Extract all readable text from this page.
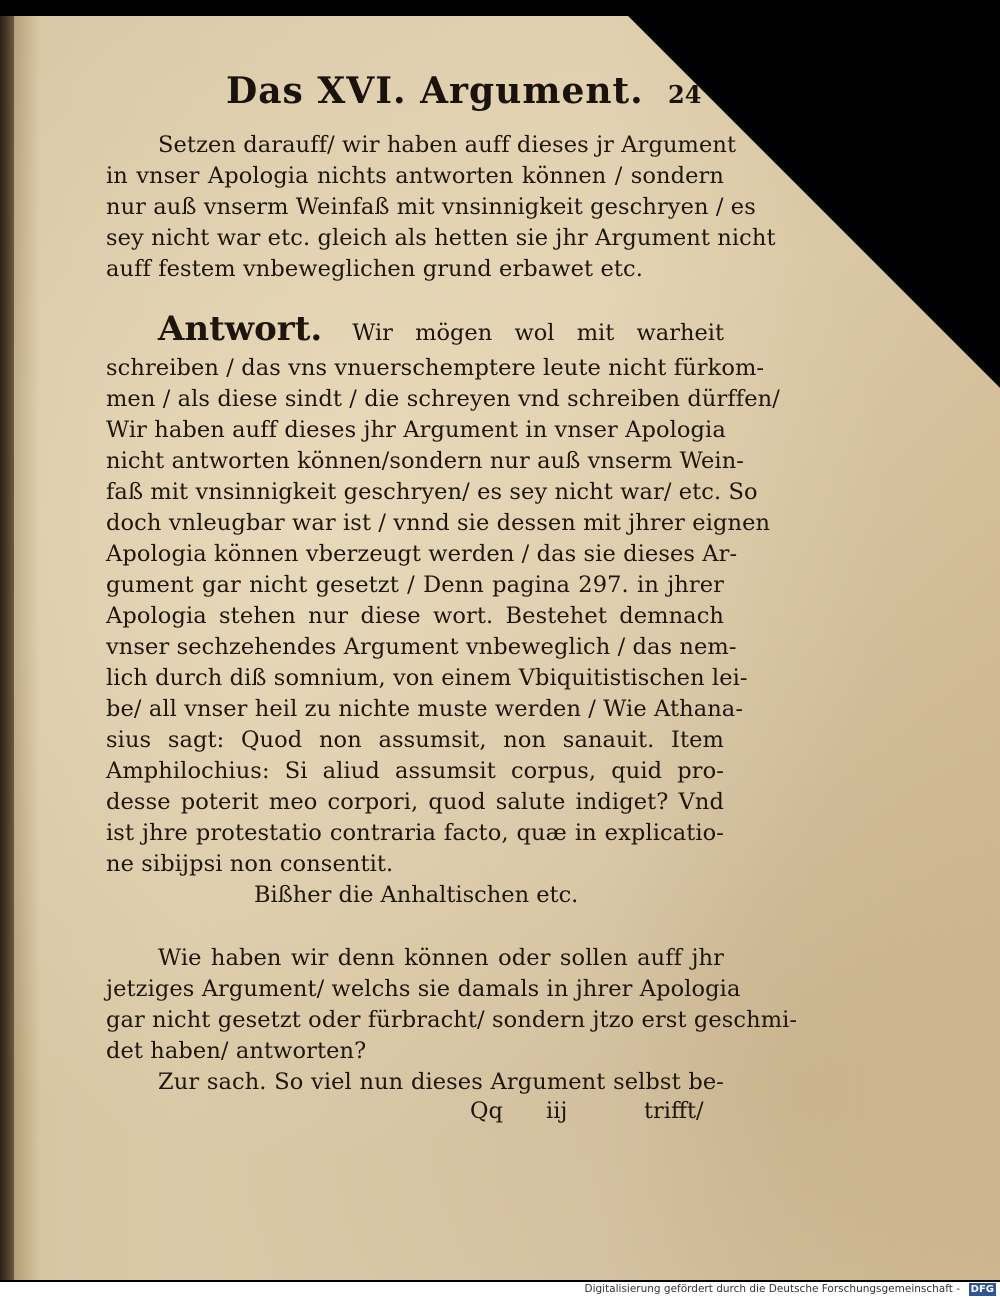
Das XVI. Argument. 24
Setzen darauff/ wir haben auff dieses jr Argument
in vnser Apologia nichts antworten können / sondern
nur auß vnserm Weinfaß mit vnsinnigkeit geschryen / es
sey nicht war etc. gleich als hetten sie jhr Argument nicht
auff festem vnbeweglichen grund erbawet etc.
Antwort. Wir mögen wol mit warheit
schreiben / das vns vnuerschemptere leute nicht fürkom-
men / als diese sindt / die schreyen vnd schreiben dürffen/
Wir haben auff dieses jhr Argument in vnser Apologia
nicht antworten können/sondern nur auß vnserm Wein-
faß mit vnsinnigkeit geschryen/ es sey nicht war/ etc. So
doch vnleugbar war ist / vnnd sie dessen mit jhrer eignen
Apologia können vberzeugt werden / das sie dieses Ar-
gument gar nicht gesetzt / Denn pagina 297. in jhrer
Apologia stehen nur diese wort. Bestehet demnach
vnser sechzehendes Argument vnbeweglich / das nem-
lich durch diß somnium, von einem Vbiquitistischen lei-
be/ all vnser heil zu nichte muste werden / Wie Athana-
sius sagt: Quod non assumsit, non sanauit. Item
Amphilochius: Si aliud assumsit corpus, quid pro-
desse poterit meo corpori, quod salute indiget? Vnd
ist jhre protestatio contraria facto, quæ in explicatio-
ne sibijpsi non consentit.
Bißher die Anhaltischen etc.
Wie haben wir denn können oder sollen auff jhr
jetziges Argument/ welchs sie damals in jhrer Apologia
gar nicht gesetzt oder fürbracht/ sondern jtzo erst geschmi-
det haben/ antworten?
Zur sach. So viel nun dieses Argument selbst be-
Qq iij	trifft/
Digitalisierung gefördert durch die Deutsche Forschungsgemeinschaft - DFG
